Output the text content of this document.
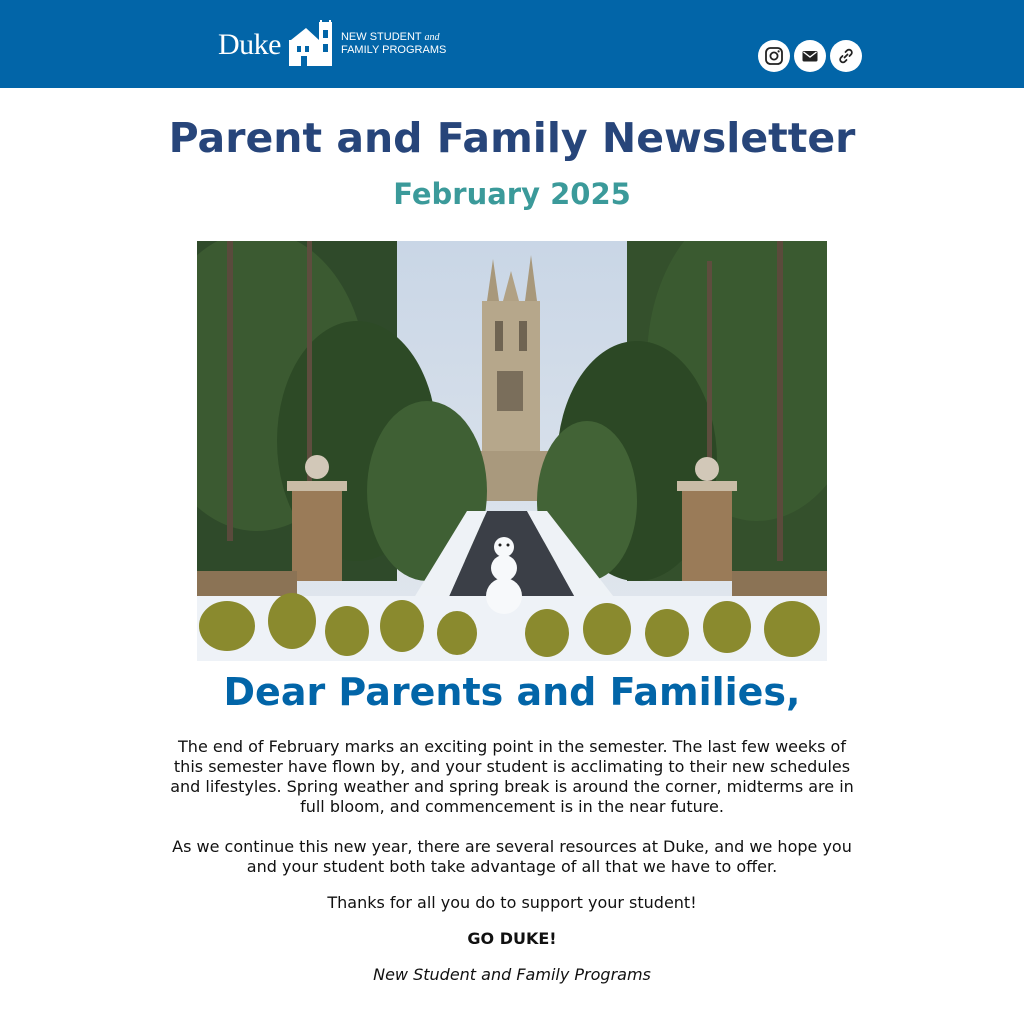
Duke	NEW STUDENT and
FAMILY PROGRAMS
Parent and Family Newsletter
February 2025
Dear Parents and Families,
The end of February marks an exciting point in the semester. The last few weeks of this semester have flown by, and your student is acclimating to their new schedules and lifestyles. Spring weather and spring break is around the corner, midterms are in full bloom, and commencement is in the near future.
As we continue this new year, there are several resources at Duke, and we hope you and your student both take advantage of all that we have to offer.
Thanks for all you do to support your student!
GO DUKE!
New Student and Family Programs
